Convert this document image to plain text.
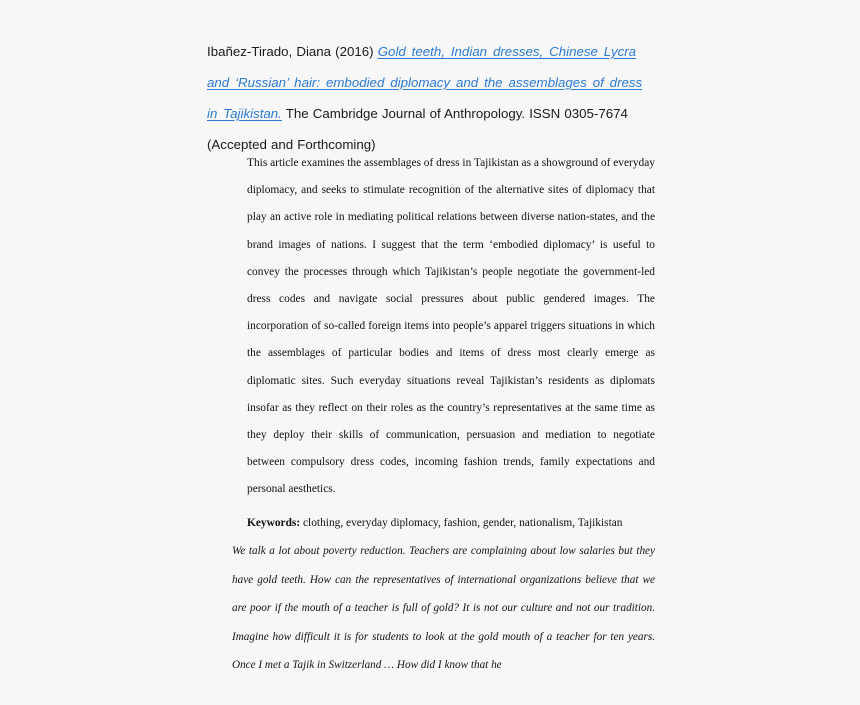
Ibañez-Tirado, Diana (2016) Gold teeth, Indian dresses, Chinese Lycra and ‘Russian’ hair: embodied diplomacy and the assemblages of dress in Tajikistan. The Cambridge Journal of Anthropology. ISSN 0305-7674 (Accepted and Forthcoming)
This article examines the assemblages of dress in Tajikistan as a showground of everyday diplomacy, and seeks to stimulate recognition of the alternative sites of diplomacy that play an active role in mediating political relations between diverse nation-states, and the brand images of nations. I suggest that the term ‘embodied diplomacy’ is useful to convey the processes through which Tajikistan’s people negotiate the government-led dress codes and navigate social pressures about public gendered images. The incorporation of so-called foreign items into people’s apparel triggers situations in which the assemblages of particular bodies and items of dress most clearly emerge as diplomatic sites. Such everyday situations reveal Tajikistan’s residents as diplomats insofar as they reflect on their roles as the country’s representatives at the same time as they deploy their skills of communication, persuasion and mediation to negotiate between compulsory dress codes, incoming fashion trends, family expectations and personal aesthetics.
Keywords: clothing, everyday diplomacy, fashion, gender, nationalism, Tajikistan
We talk a lot about poverty reduction. Teachers are complaining about low salaries but they have gold teeth. How can the representatives of international organizations believe that we are poor if the mouth of a teacher is full of gold? It is not our culture and not our tradition. Imagine how difficult it is for students to look at the gold mouth of a teacher for ten years. Once I met a Tajik in Switzerland … How did I know that he
